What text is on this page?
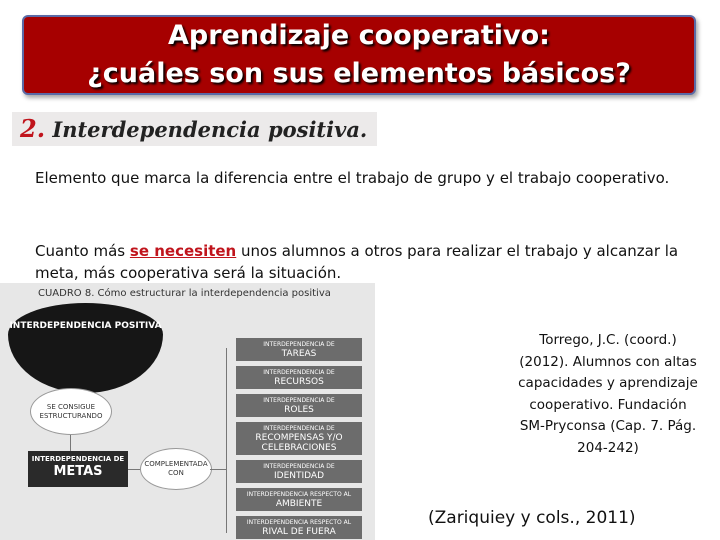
Aprendizaje cooperativo:
¿cuáles son sus elementos básicos?
2. Interdependencia positiva.
Elemento que marca la diferencia entre el trabajo de grupo y el trabajo cooperativo.
Cuanto más se necesiten unos alumnos a otros para realizar el trabajo y alcanzar la meta, más cooperativa será la situación.
CUADRO 8. Cómo estructurar la interdependencia positiva
INTERDEPENDENCIA POSITIVA
SE CONSIGUE ESTRUCTURANDO
INTERDEPENDENCIA DE
METAS	COMPLEMENTADA CON
INTERDEPENDENCIA DE
TAREAS
INTERDEPENDENCIA DE
RECURSOS
INTERDEPENDENCIA DE
ROLES
INTERDEPENDENCIA DE
RECOMPENSAS Y/O CELEBRACIONES
INTERDEPENDENCIA DE
IDENTIDAD
INTERDEPENDENCIA RESPECTO AL
AMBIENTE
INTERDEPENDENCIA RESPECTO AL
RIVAL DE FUERA
Torrego, J.C. (coord.) (2012). Alumnos con altas capacidades y aprendizaje cooperativo. Fundación SM-Pryconsa (Cap. 7. Pág. 204-242)
(Zariquiey y cols., 2011)
